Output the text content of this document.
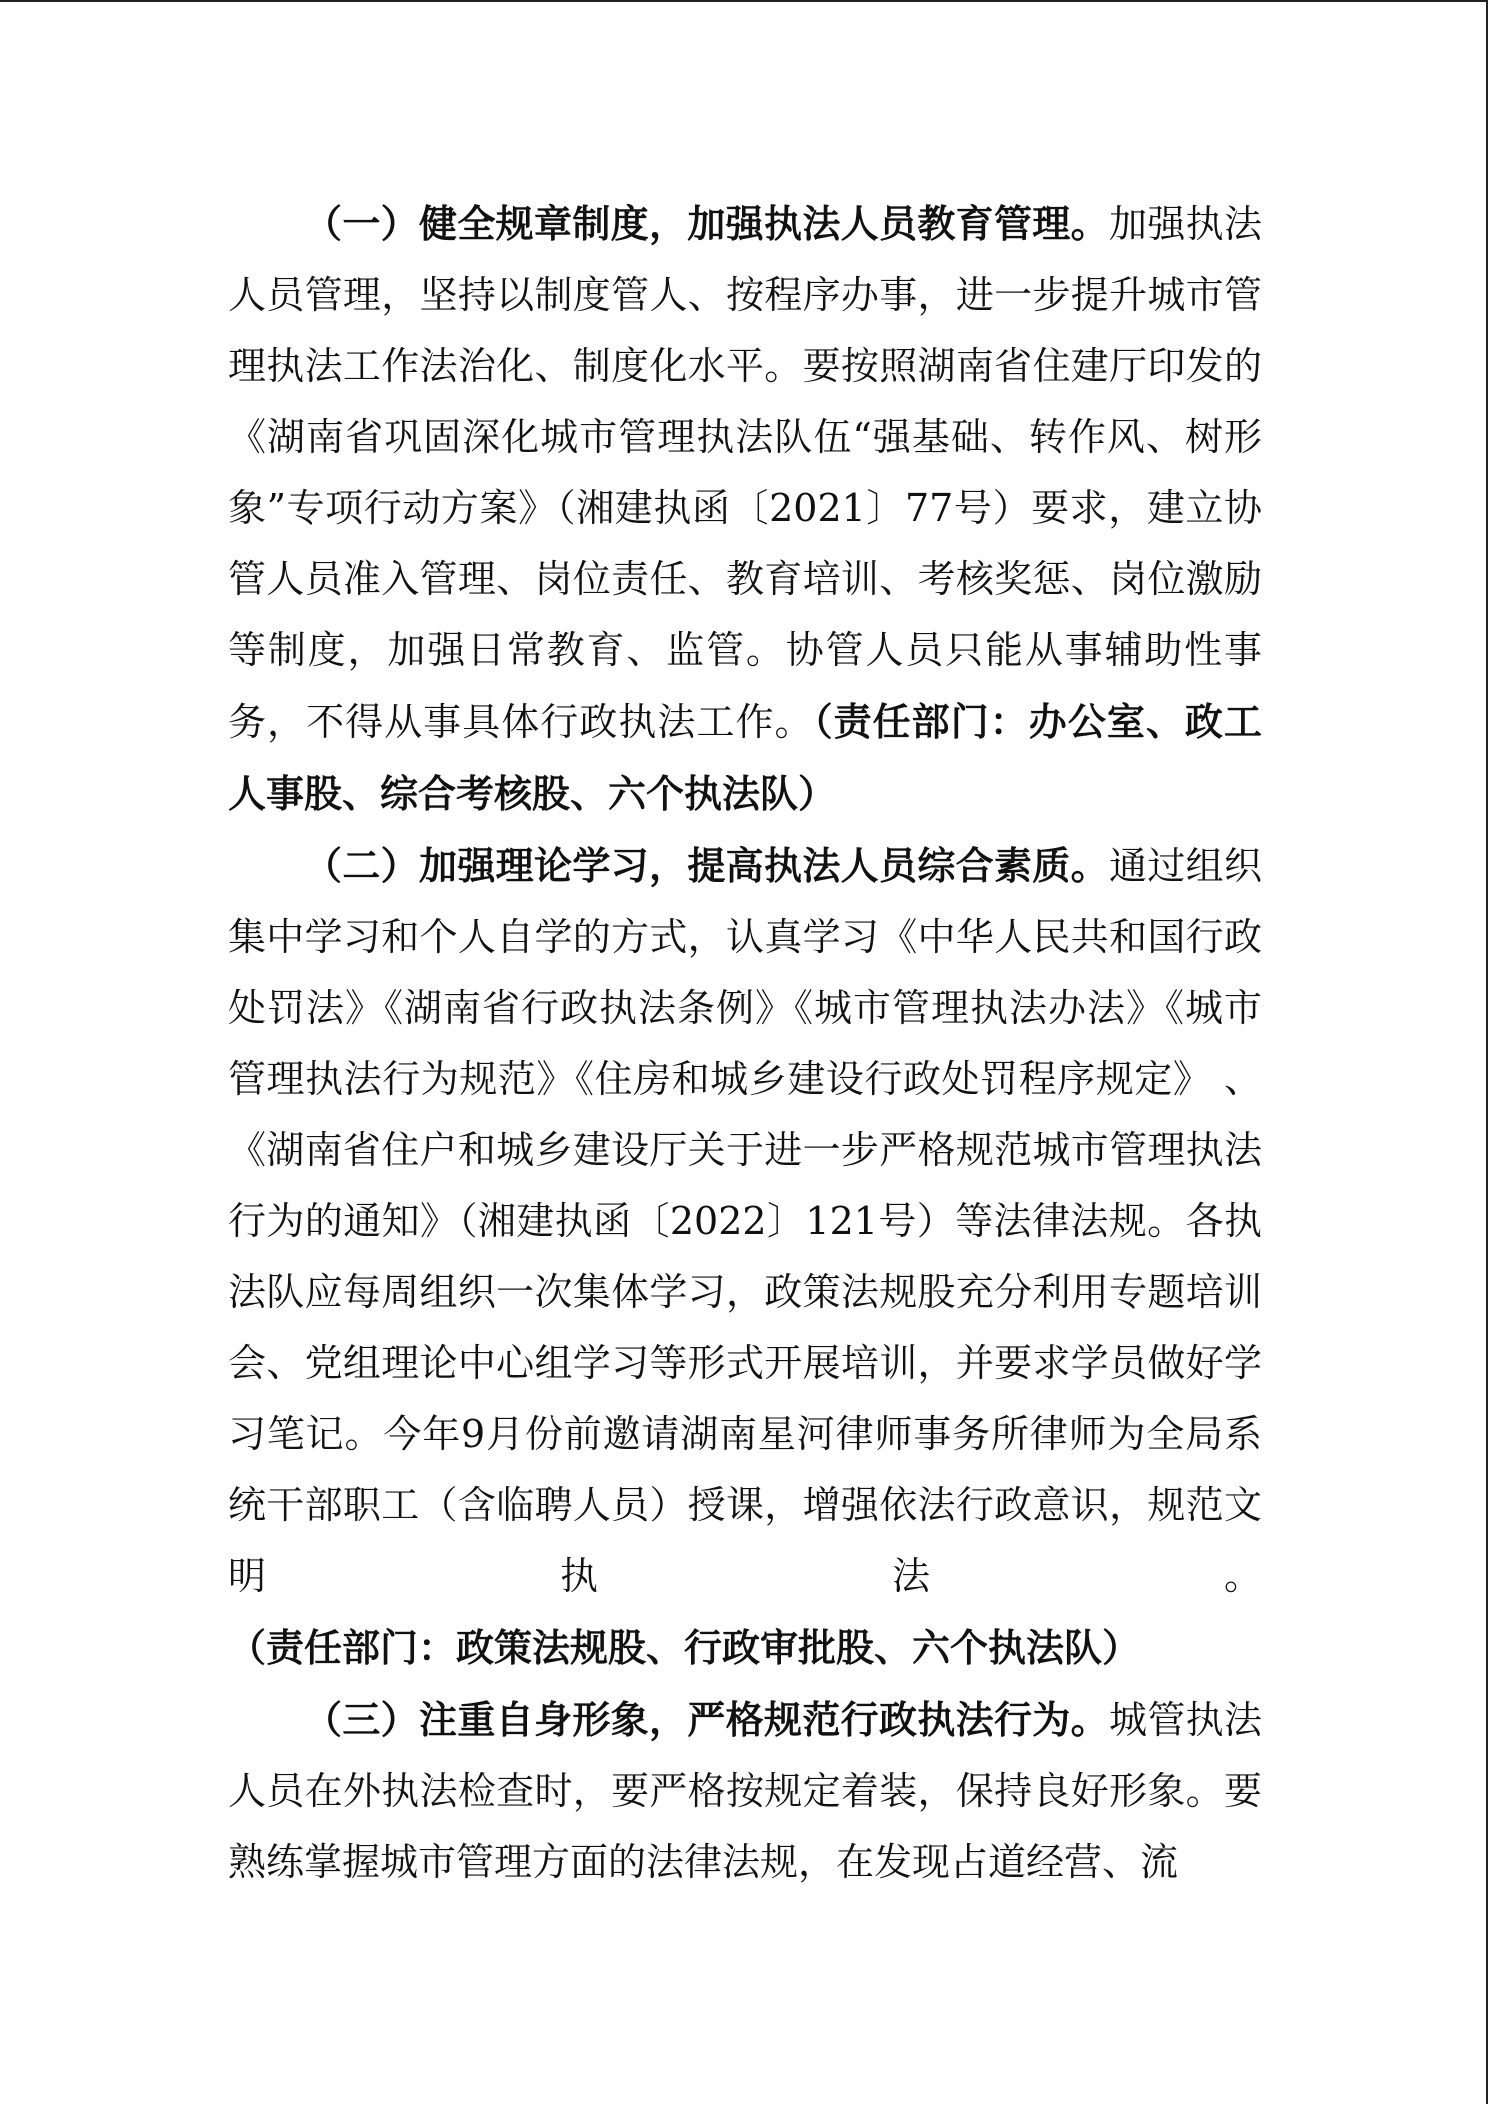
（一）健全规章制度，加强执法人员教育管理。加强执法人员管理，坚持以制度管人、按程序办事，进一步提升城市管理执法工作法治化、制度化水平。要按照湖南省住建厅印发的《湖南省巩固深化城市管理执法队伍“强基础、转作风、树形象”专项行动方案》（湘建执函〔2021〕77号）要求，建立协管人员准入管理、岗位责任、教育培训、考核奖惩、岗位激励等制度，加强日常教育、监管。协管人员只能从事辅助性事务，不得从事具体行政执法工作。（责任部门：办公室、政工人事股、综合考核股、六个执法队）

（二）加强理论学习，提高执法人员综合素质。通过组织集中学习和个人自学的方式，认真学习《中华人民共和国行政处罚法》《湖南省行政执法条例》《城市管理执法办法》《城市管理执法行为规范》《住房和城乡建设行政处罚程序规定》 、《湖南省住户和城乡建设厅关于进一步严格规范城市管理执法行为的通知》（湘建执函〔2022〕121号）等法律法规。各执法队应每周组织一次集体学习，政策法规股充分利用专题培训会、党组理论中心组学习等形式开展培训，并要求学员做好学习笔记。今年9月份前邀请湖南星河律师事务所律师为全局系统干部职工（含临聘人员）授课，增强依法行政意识，规范文明执法。（责任部门：政策法规股、行政审批股、六个执法队）

（三）注重自身形象，严格规范行政执法行为。城管执法人员在外执法检查时，要严格按规定着装，保持良好形象。要熟练掌握城市管理方面的法律法规，在发现占道经营、流
